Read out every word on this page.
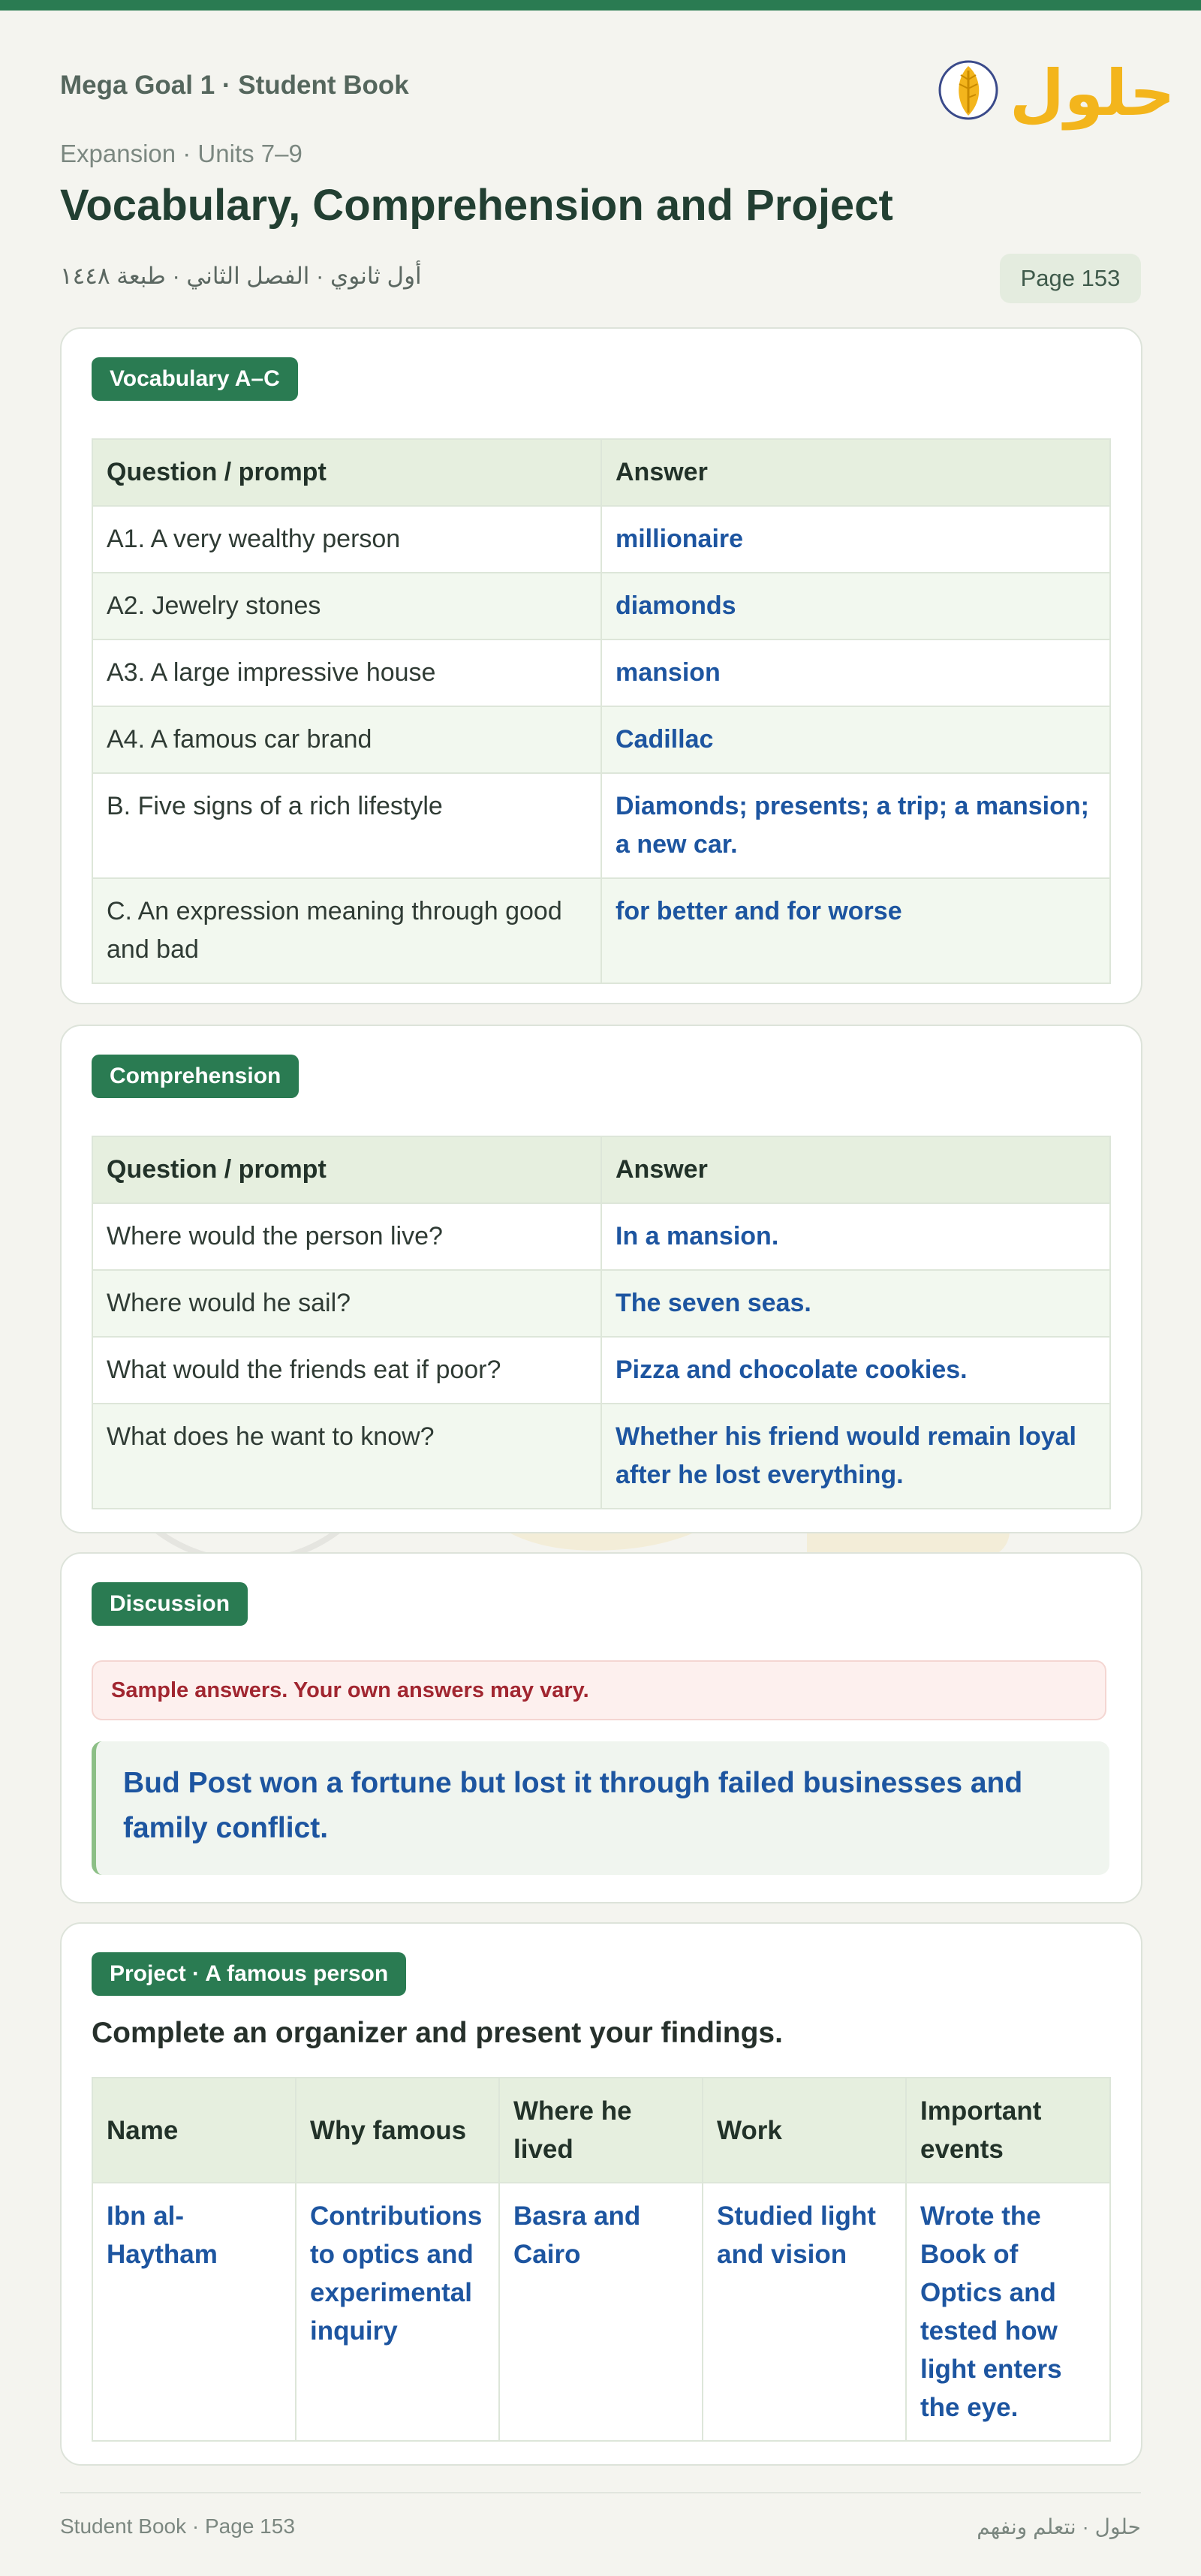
Mega Goal 1 · Student Book	حلول
Expansion · Units 7–9
Vocabulary, Comprehension and Project
أول ثانوي · الفصل الثاني · طبعة ١٤٤٨	Page 153
Vocabulary A–C
Question / prompt	Answer
A1. A very wealthy person	millionaire
A2. Jewelry stones	diamonds
A3. A large impressive house	mansion
A4. A famous car brand	Cadillac
B. Five signs of a rich lifestyle	Diamonds; presents; a trip; a mansion; a new car.
C. An expression meaning through good and bad	for better and for worse
Comprehension
Question / prompt	Answer
Where would the person live?	In a mansion.
Where would he sail?	The seven seas.
What would the friends eat if poor?	Pizza and chocolate cookies.
What does he want to know?	Whether his friend would remain loyal after he lost everything.
Discussion
Sample answers. Your own answers may vary.
Bud Post won a fortune but lost it through failed businesses and family conflict.
Project · A famous person
Complete an organizer and present your findings.
Name	Why famous	Where he lived	Work	Important events
Ibn al-Haytham	Contributions to optics and experimental inquiry	Basra and Cairo	Studied light and vision	Wrote the Book of Optics and tested how light enters the eye.
Student Book · Page 153	حلول · نتعلم ونفهم
